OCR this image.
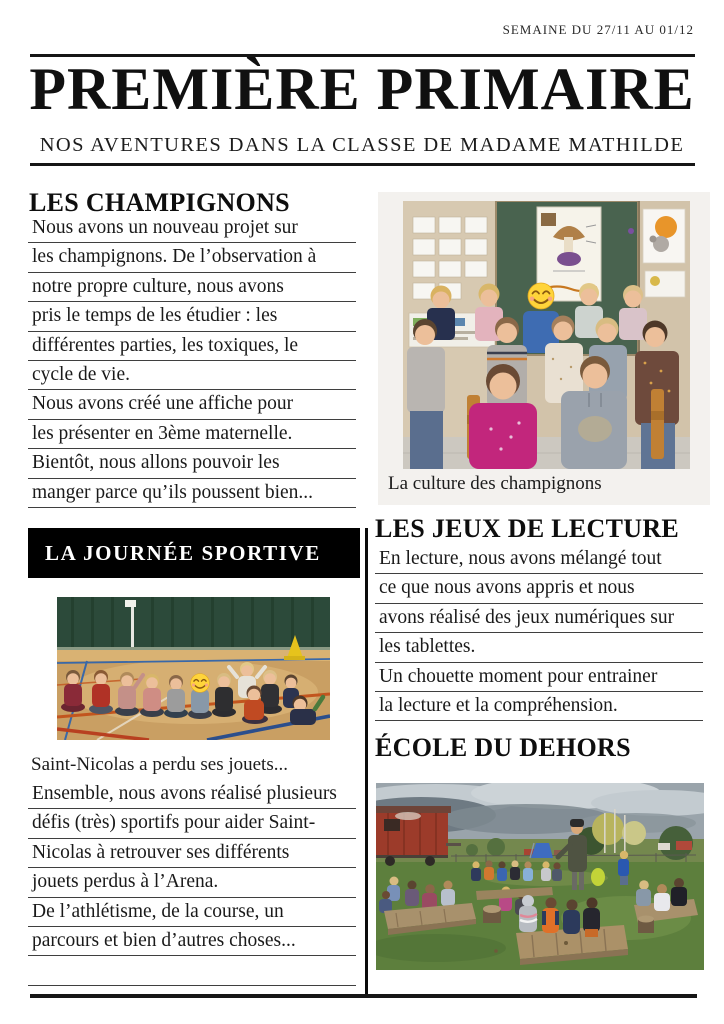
SEMAINE DU 27/11 AU 01/12
PREMIÈRE PRIMAIRE
NOS AVENTURES DANS LA CLASSE DE MADAME MATHILDE
LES CHAMPIGNONS
Nous avons un nouveau projet sur
les champignons. De l’observation à
notre propre culture, nous avons
pris le temps de les étudier : les
différentes parties, les toxiques, le
cycle de vie.
Nous avons créé une affiche pour
les présenter en 3ème maternelle.
Bientôt, nous allons pouvoir les
manger parce qu’ils poussent bien...	La culture des champignons
LA JOURNÉE SPORTIVE
Saint-Nicolas a perdu ses jouets...
Ensemble, nous avons réalisé plusieurs
défis (très) sportifs pour aider Saint-
Nicolas à retrouver ses différents
jouets perdus à l’Arena.
De l’athlétisme, de la course, un
parcours et bien d’autres choses...
LES JEUX DE LECTURE
En lecture, nous avons mélangé tout
ce que nous avons appris et nous
avons réalisé des jeux numériques sur
les tablettes.
Un chouette moment pour entrainer
la lecture et la compréhension.
ÉCOLE DU DEHORS
